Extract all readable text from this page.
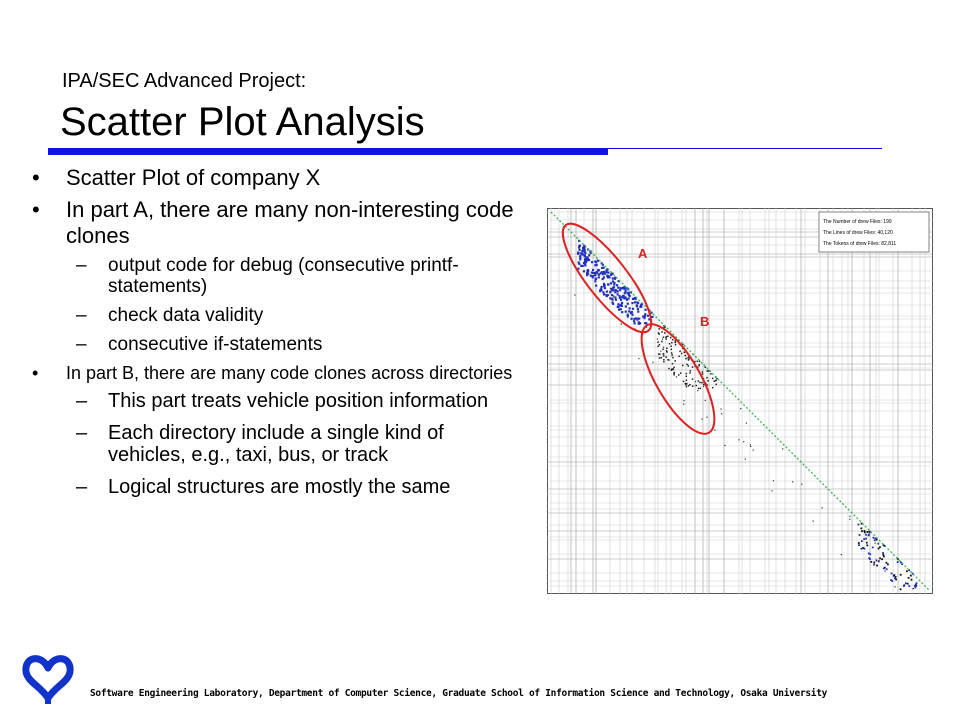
IPA/SEC Advanced Project:
Scatter Plot Analysis
• Scatter Plot of company X
• In part A, there are many non-interesting code clones
– output code for debug (consecutive printf-statements)
– check data validity
– consecutive if-statements
• In part B, there are many code clones across directories
– This part treats vehicle position information
– Each directory include a single kind of vehicles, e.g., taxi, bus, or track
– Logical structures are mostly the same
The Number of drew Files: 199
The Lines of drew Files: 40,120
The Tokens of drew Files: 82,811
A
B
Software Engineering Laboratory, Department of Computer Science, Graduate School of Information Science and Technology, Osaka University
